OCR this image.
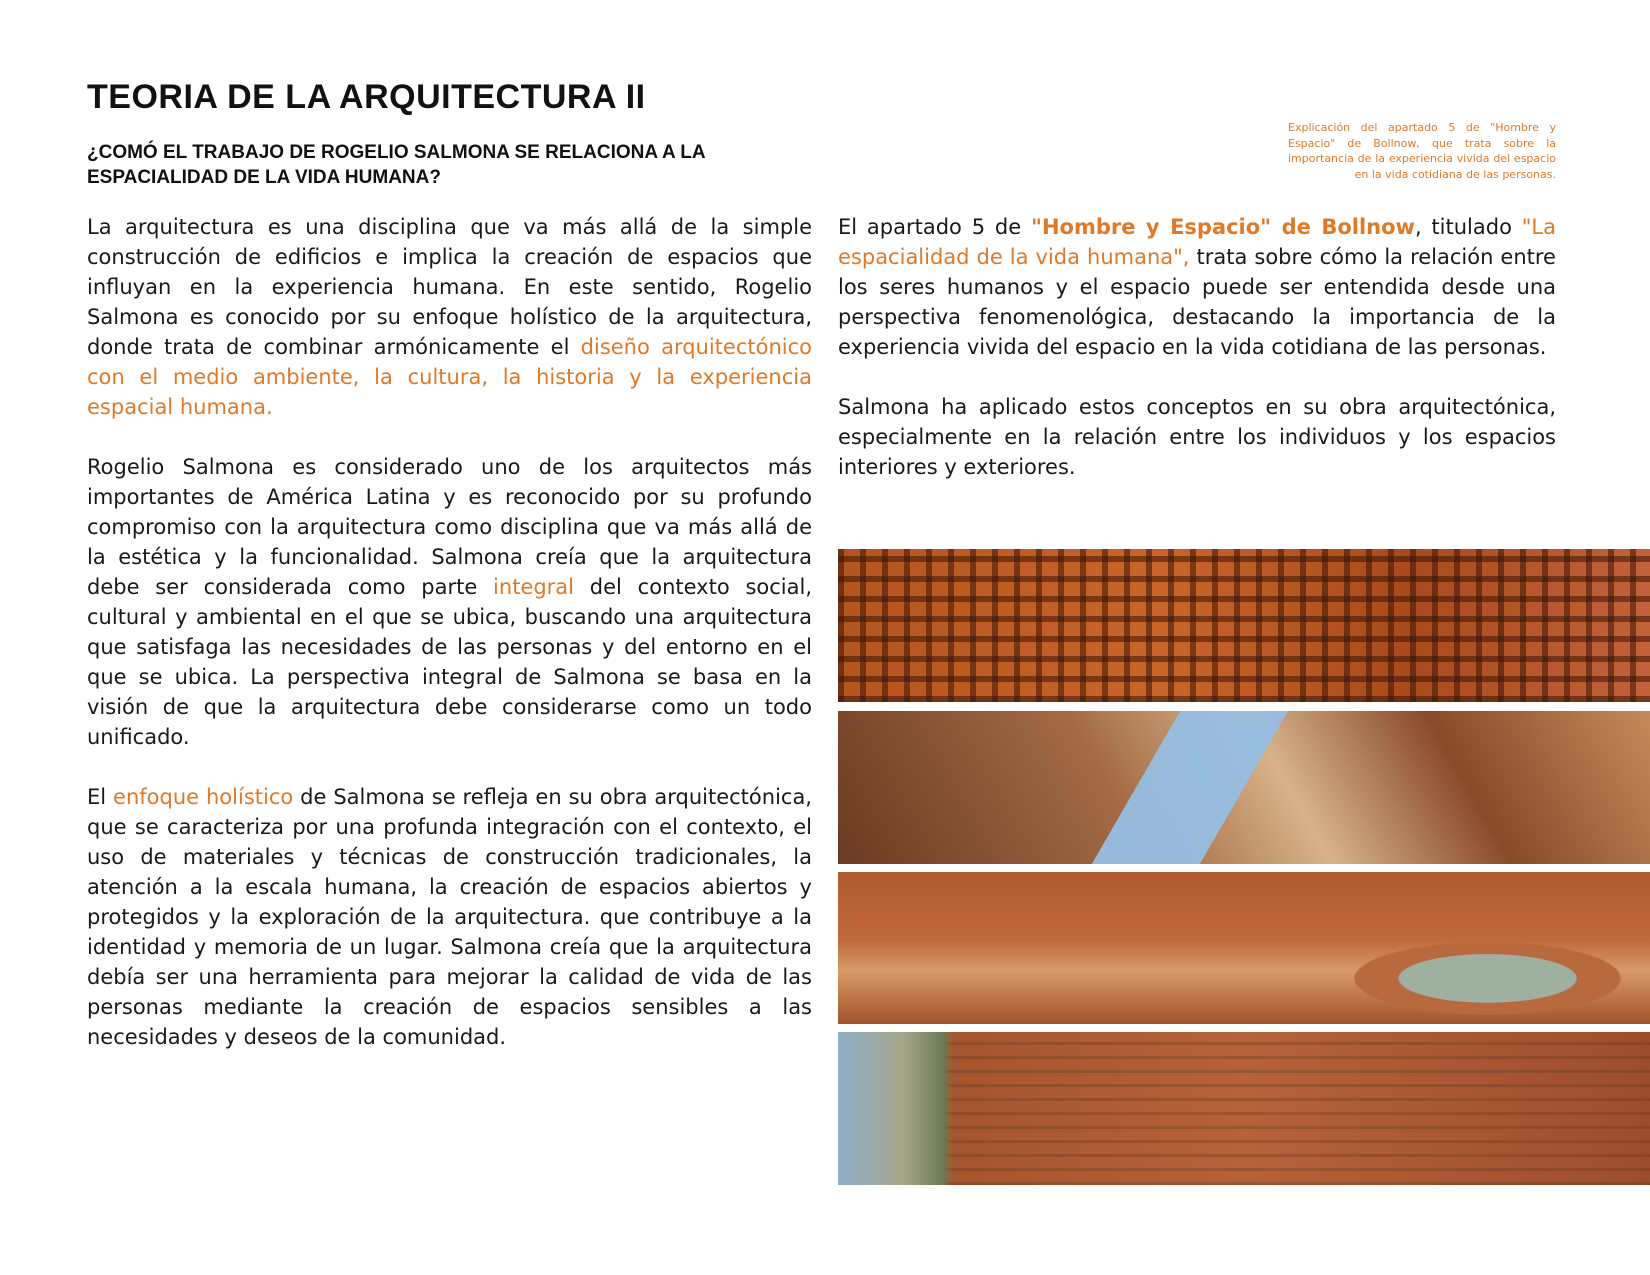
TEORIA DE LA ARQUITECTURA II
¿COMÓ EL TRABAJO DE ROGELIO SALMONA SE RELACIONA A LA ESPACIALIDAD DE LA VIDA HUMANA?

Explicación del apartado 5 de "Hombre y Espacio" de Bollnow, que trata sobre la importancia de la experiencia vivida del espacio en la vida cotidiana de las personas.

La arquitectura es una disciplina que va más allá de la simple construcción de edificios e implica la creación de espacios que influyan en la experiencia humana. En este sentido, Rogelio Salmona es conocido por su enfoque holístico de la arquitectura, donde trata de combinar armónicamente el diseño arquitectónico con el medio ambiente, la cultura, la historia y la experiencia espacial humana.

Rogelio Salmona es considerado uno de los arquitectos más importantes de América Latina y es reconocido por su profundo compromiso con la arquitectura como disciplina que va más allá de la estética y la funcionalidad. Salmona creía que la arquitectura debe ser considerada como parte integral del contexto social, cultural y ambiental en el que se ubica, buscando una arquitectura que satisfaga las necesidades de las personas y del entorno en el que se ubica. La perspectiva integral de Salmona se basa en la visión de que la arquitectura debe considerarse como un todo unificado.

El enfoque holístico de Salmona se refleja en su obra arquitectónica, que se caracteriza por una profunda integración con el contexto, el uso de materiales y técnicas de construcción tradicionales, la atención a la escala humana, la creación de espacios abiertos y protegidos y la exploración de la arquitectura. que contribuye a la identidad y memoria de un lugar. Salmona creía que la arquitectura debía ser una herramienta para mejorar la calidad de vida de las personas mediante la creación de espacios sensibles a las necesidades y deseos de la comunidad.

El apartado 5 de "Hombre y Espacio" de Bollnow, titulado "La espacialidad de la vida humana", trata sobre cómo la relación entre los seres humanos y el espacio puede ser entendida desde una perspectiva fenomenológica, destacando la importancia de la experiencia vivida del espacio en la vida cotidiana de las personas.

Salmona ha aplicado estos conceptos en su obra arquitectónica, especialmente en la relación entre los individuos y los espacios interiores y exteriores.
